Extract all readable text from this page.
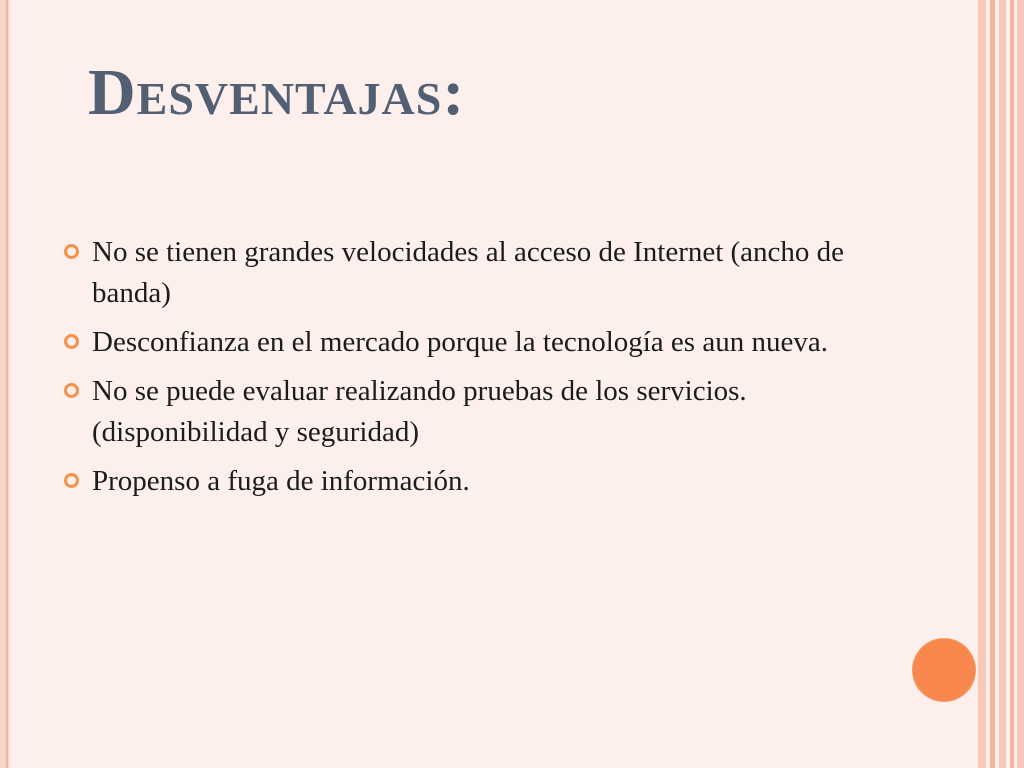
Desventajas:
No se tienen grandes velocidades al acceso de Internet (ancho de banda)
Desconfianza en el mercado porque la tecnología es aun nueva.
No se puede evaluar realizando pruebas de los servicios. (disponibilidad y seguridad)
Propenso a fuga de información.
